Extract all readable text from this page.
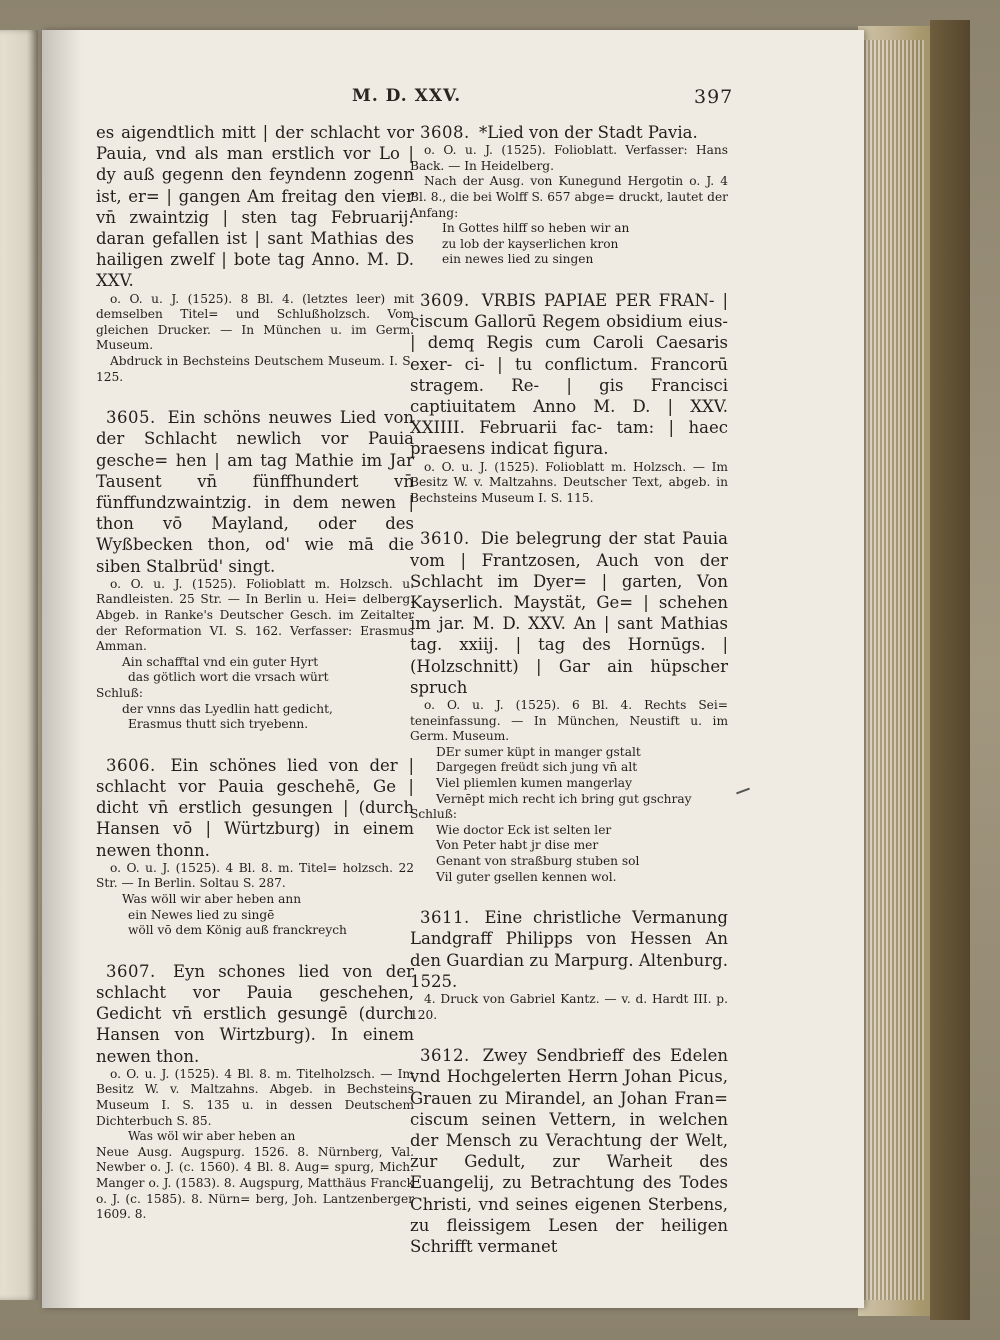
M. D. XXV.	397

es aigendtlich mitt | der schlacht vor Pauia, vnd als man erstlich vor Lo | dy auß gegenn den feyndenn zogenn ist, er= | gangen Am freitag den vier vn̄ zwaintzig | sten tag Februarij: daran gefallen ist | sant Mathias des hailigen zwelf | bote tag Anno. M. D. XXV.

o. O. u. J. (1525). 8 Bl. 4. (letztes leer) mit demselben Titel= und Schlußholzsch. Vom gleichen Drucker. — In München u. im Germ. Museum.

Abdruck in Bechsteins Deutschem Museum. I. S. 125.

3605. Ein schöns neuwes Lied von der Schlacht newlich vor Pauia gesche= hen | am tag Mathie im Jar Tausent vn̄ fünffhundert vn̄ fünffundzwaintzig. in dem newen | thon vō Mayland, oder des Wyßbecken thon, od' wie mā die siben Stalbrüd' singt.

o. O. u. J. (1525). Folioblatt m. Holzsch. u. Randleisten. 25 Str. — In Berlin u. Hei= delberg. Abgeb. in Ranke's Deutscher Gesch. im Zeitalter der Reformation VI. S. 162. Verfasser: Erasmus Amman.

Ain schafftal vnd ein guter Hyrt
das götlich wort die vrsach würt
Schluß:
der vnns das Lyedlin hatt gedicht,
Erasmus thutt sich tryebenn.

3606. Ein schönes lied von der | schlacht vor Pauia geschehē, Ge | dicht vn̄ erstlich gesungen | (durch Hansen vō | Würtzburg) in einem newen thonn.

o. O. u. J. (1525). 4 Bl. 8. m. Titel= holzsch. 22 Str. — In Berlin. Soltau S. 287.

Was wöll wir aber heben ann
ein Newes lied zu singē
wöll vō dem König auß franckreych

3607. Eyn schones lied von der schlacht vor Pauia geschehen, Gedicht vn̄ erstlich gesungē (durch Hansen von Wirtzburg). In einem newen thon.

o. O. u. J. (1525). 4 Bl. 8. m. Titelholzsch. — Im Besitz W. v. Maltzahns. Abgeb. in Bechsteins Museum I. S. 135 u. in dessen Deutschem Dichterbuch S. 85.

Was wöl wir aber heben an

Neue Ausg. Augspurg. 1526. 8. Nürnberg, Val. Newber o. J. (c. 1560). 4 Bl. 8. Aug= spurg, Mich. Manger o. J. (1583). 8. Augspurg, Matthäus Franck o. J. (c. 1585). 8. Nürn= berg, Joh. Lantzenberger 1609. 8.

3608. *Lied von der Stadt Pavia.

o. O. u. J. (1525). Folioblatt. Verfasser: Hans Back. — In Heidelberg.

Nach der Ausg. von Kunegund Hergotin o. J. 4 Bl. 8., die bei Wolff S. 657 abge= druckt, lautet der Anfang:

In Gottes hilff so heben wir an
zu lob der kayserlichen kron
ein newes lied zu singen

3609. VRBIS PAPIAE PER FRAN- | ciscum Gallorū Regem obsidium eius- | demq Regis cum Caroli Caesaris exer- ci- | tu conflictum. Francorū stragem. Re- | gis Francisci captiuitatem Anno M. D. | XXV. XXIIII. Februarii fac- tam: | haec praesens indicat figura.

o. O. u. J. (1525). Folioblatt m. Holzsch. — Im Besitz W. v. Maltzahns. Deutscher Text, abgeb. in Bechsteins Museum I. S. 115.

3610. Die belegrung der stat Pauia vom | Frantzosen, Auch von der Schlacht im Dyer= | garten, Von Kayserlich. Maystät, Ge= | schehen im jar. M. D. XXV. An | sant Mathias tag. xxiij. | tag des Hornūgs. | (Holzschnitt) | Gar ain hüpscher spruch

o. O. u. J. (1525). 6 Bl. 4. Rechts Sei= teneinfassung. — In München, Neustift u. im Germ. Museum.

DEr sumer küpt in manger gstalt
Dargegen freüdt sich jung vn̄ alt
Viel pliemlen kumen mangerlay
Vernēpt mich recht ich bring gut gschray
Schluß:
Wie doctor Eck ist selten ler
Von Peter habt jr dise mer
Genant von straßburg stuben sol
Vil guter gsellen kennen wol.

3611. Eine christliche Vermanung Landgraff Philipps von Hessen An den Guardian zu Marpurg. Altenburg. 1525.

4. Druck von Gabriel Kantz. — v. d. Hardt III. p. 120.

3612. Zwey Sendbrieff des Edelen vnd Hochgelerten Herrn Johan Picus, Grauen zu Mirandel, an Johan Fran= ciscum seinen Vettern, in welchen der Mensch zu Verachtung der Welt, zur Gedult, zur Warheit des Euangelij, zu Betrachtung des Todes Christi, vnd seines eigenen Sterbens, zu fleissigem Lesen der heiligen Schrifft vermanet
